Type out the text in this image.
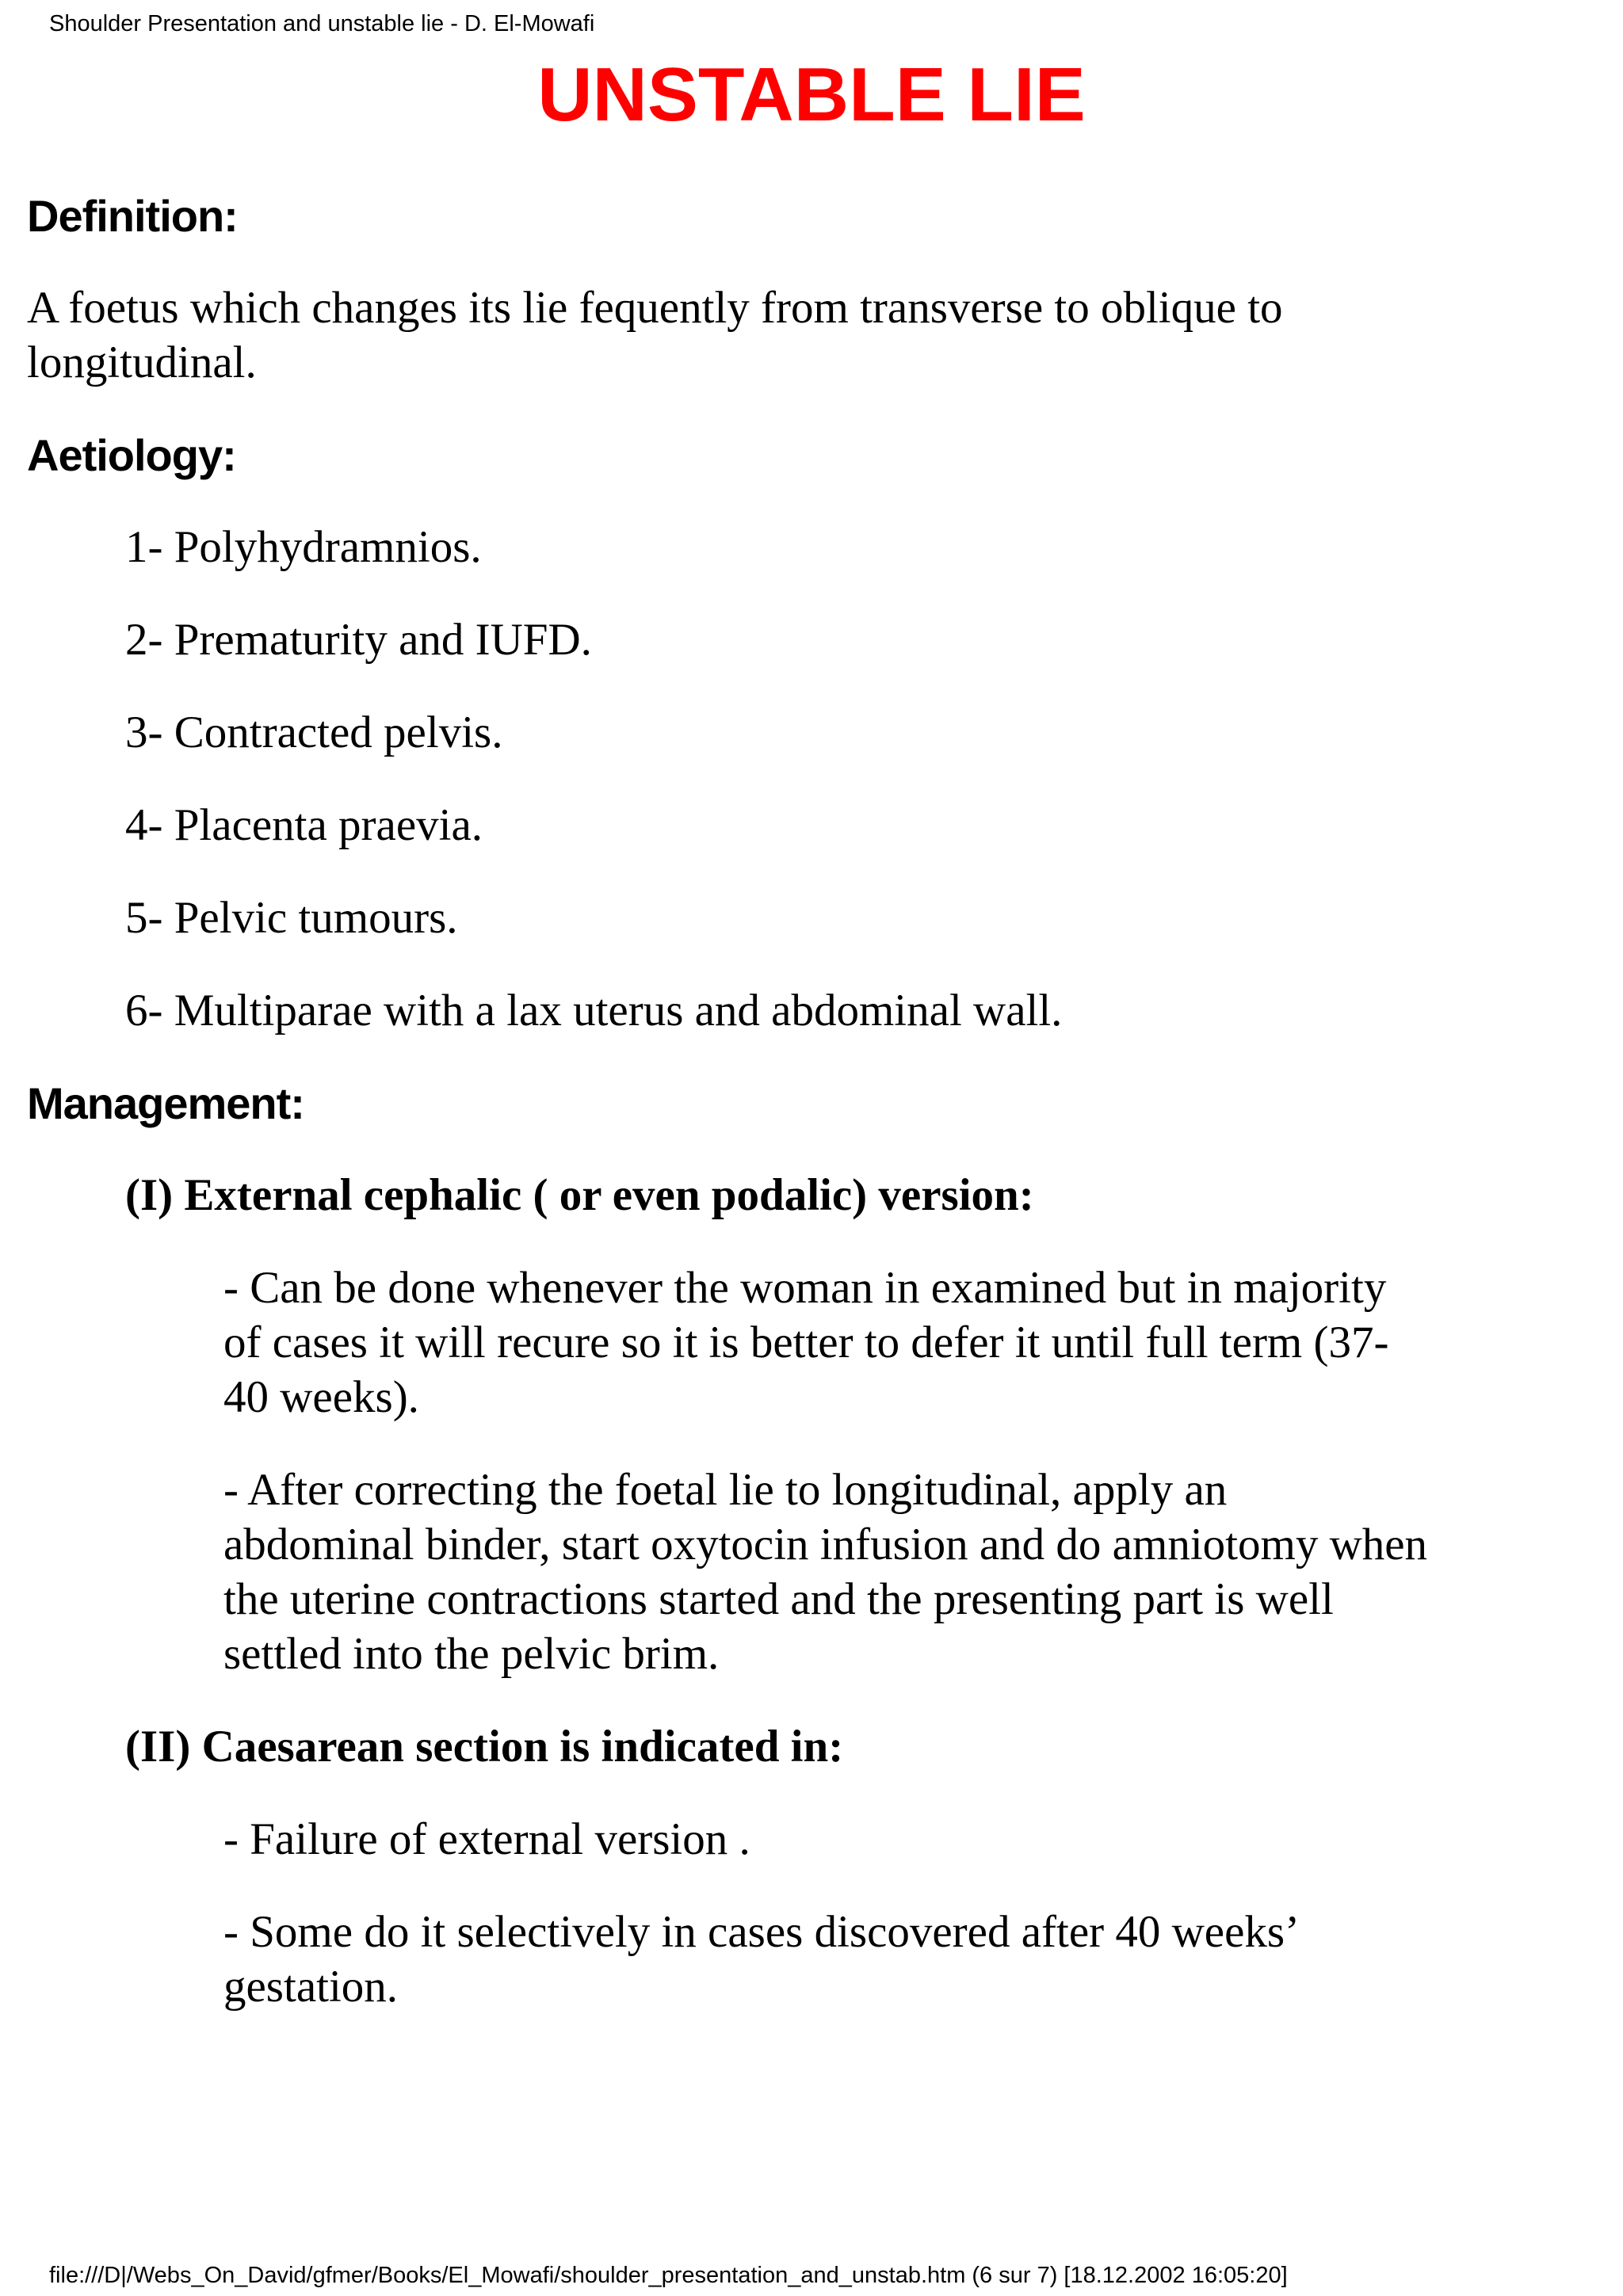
Shoulder Presentation and unstable lie - D. El-Mowafi
UNSTABLE LIE
Definition:
A foetus which changes its lie fequently from transverse to oblique to longitudinal.
Aetiology:
1- Polyhydramnios.
2- Prematurity and IUFD.
3- Contracted pelvis.
4- Placenta praevia.
5- Pelvic tumours.
6- Multiparae with a lax uterus and abdominal wall.
Management:
(I) External cephalic ( or even podalic) version:
- Can be done whenever the woman in examined but in majority of cases it will recure so it is better to defer it until full term (37-40 weeks).
- After correcting the foetal lie to longitudinal, apply an abdominal binder, start oxytocin infusion and do amniotomy when the uterine contractions started and the presenting part is well settled into the pelvic brim.
(II) Caesarean section is indicated in:
- Failure of external version .
- Some do it selectively in cases discovered after 40 weeks’ gestation.
file:///D|/Webs_On_David/gfmer/Books/El_Mowafi/shoulder_presentation_and_unstab.htm (6 sur 7) [18.12.2002 16:05:20]
